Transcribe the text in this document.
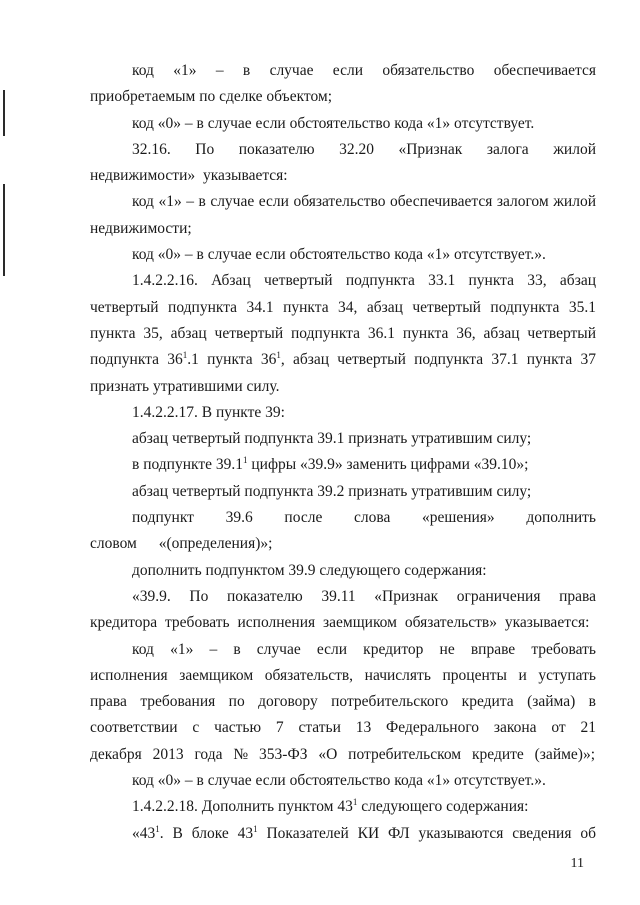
код «1» – в случае если обязательство обеспечивается приобретаемым по сделке объектом;

код «0» – в случае если обстоятельство кода «1» отсутствует.

32.16. По показателю 32.20 «Признак залога жилой недвижимости» указывается:

код «1» – в случае если обязательство обеспечивается залогом жилой недвижимости;

код «0» – в случае если обстоятельство кода «1» отсутствует.».

1.4.2.2.16. Абзац четвертый подпункта 33.1 пункта 33, абзац четвертый подпункта 34.1 пункта 34, абзац четвертый подпункта 35.1 пункта 35, абзац четвертый подпункта 36.1 пункта 36, абзац четвертый подпункта $36^1.1$ пункта $36^1$, абзац четвертый подпункта 37.1 пункта 37 признать утратившими силу.

1.4.2.2.17. В пункте 39:

абзац четвертый подпункта 39.1 признать утратившим силу;

в подпункте 39.1$^1$ цифры «39.9» заменить цифрами «39.10»;

абзац четвертый подпункта 39.2 признать утратившим силу;

подпункт 39.6 после слова «решения» дополнить словом «(определения)»;

дополнить подпунктом 39.9 следующего содержания:

«39.9. По показателю 39.11 «Признак ограничения права кредитора требовать исполнения заемщиком обязательств» указывается:

код «1» – в случае если кредитор не вправе требовать исполнения заемщиком обязательств, начислять проценты и уступать права требования по договору потребительского кредита (займа) в соответствии с частью 7 статьи 13 Федерального закона от 21 декабря 2013 года № 353-ФЗ «О потребительском кредите (займе)»;

код «0» – в случае если обстоятельство кода «1» отсутствует.».

1.4.2.2.18. Дополнить пунктом $43^1$ следующего содержания:

«$43^1$. В блоке $43^1$ Показателей КИ ФЛ указываются сведения об

11
